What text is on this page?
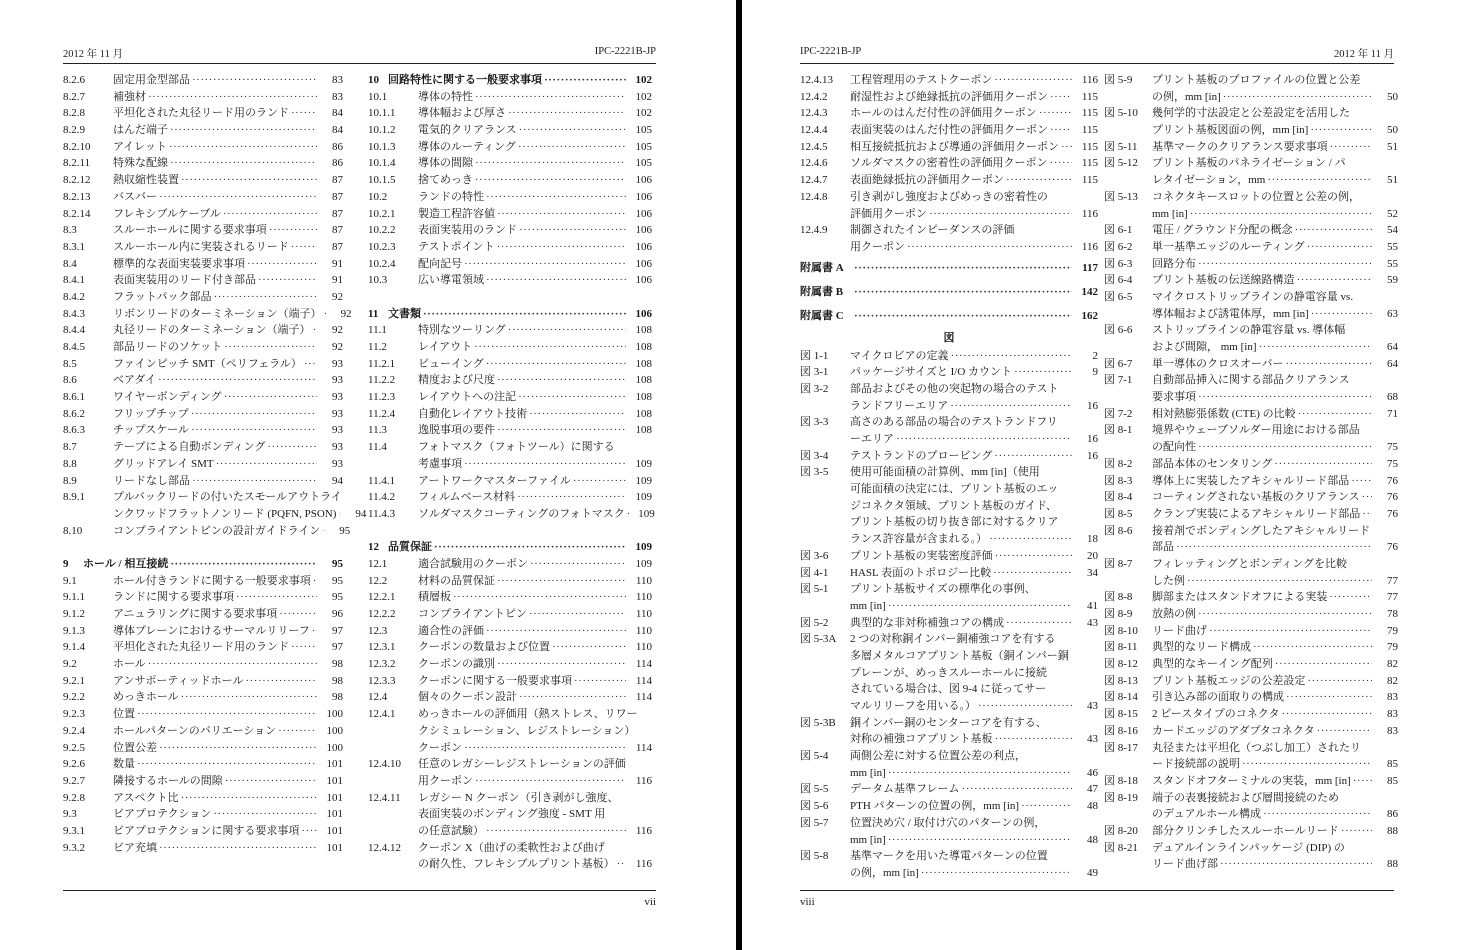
2012 年 11 月	IPC-2221B-JP
8.2.6	固定用金型部品 ·····	83
8.2.7	補強材 ·····	83
8.2.8	平坦化された丸径リード用のランド ·····	84
8.2.9	はんだ端子 ·····	84
8.2.10 アイレット ·····	86
8.2.11 特殊な配線 ·····	86
8.2.12 熱収縮性装置 ·····	87
8.2.13 バスバー ·····	87
8.2.14 フレキシブルケーブル ·····	87
8.3	スルーホールに関する要求事項 ·····	87
8.3.1	スルーホール内に実装されるリード ·····	87
8.4	標準的な表面実装要求事項 ·····	91
8.4.1	表面実装用のリード付き部品 ·····	91
8.4.2	フラットパック部品 ·····	92
8.4.3	リボンリードのターミネーション（端子） ·····	92
8.4.4	丸径リードのターミネーション（端子） ·····	92
8.4.5	部品リードのソケット ·····	92
8.5	ファインピッチ SMT（ペリフェラル） ·····	93
8.6	ベアダイ ·····	93
8.6.1	ワイヤーボンディング ·····	93
8.6.2	フリップチップ ·····	93
8.6.3	チップスケール ·····	93
8.7	テープによる自動ボンディング ·····	93
8.8	グリッドアレイ SMT ·····	93
8.9	リードなし部品 ·····	94
8.9.1	プルバックリードの付いたスモールアウトライ
ンクワッドフラットノンリード (PQFN, PSON) ·····	94
8.10	コンプライアントピンの設計ガイドライン ·····	95
9 ホール / 相互接続 ·····	95
9.1	ホール付きランドに関する一般要求事項 ·····	95
9.1.1	ランドに関する要求事項 ·····	95
9.1.2	アニュラリングに関する要求事項 ·····	96
9.1.3	導体プレーンにおけるサーマルリリーフ ·····	97
9.1.4	平坦化された丸径リード用のランド ·····	97
9.2	ホール ·····	98
9.2.1	アンサポーティッドホール ·····	98
9.2.2	めっきホール ·····	98
9.2.3	位置 ·····	100
9.2.4	ホールパターンのバリエーション ·····	100
9.2.5	位置公差 ·····	100
9.2.6	数量 ·····	101
9.2.7	隣接するホールの間隙 ·····	101
9.2.8	アスペクト比 ·····	101
9.3	ビアプロテクション ·····	101
9.3.1	ビアプロテクションに関する要求事項 ·····	101
9.3.2	ビア充填 ·····	101
10 回路特性に関する一般要求事項 ·····	102
10.1	導体の特性 ·····	102
10.1.1 導体幅および厚さ ·····	102
10.1.2 電気的クリアランス ·····	105
10.1.3 導体のルーティング ·····	105
10.1.4 導体の間隙 ·····	105
10.1.5 捨てめっき ·····	106
10.2	ランドの特性 ·····	106
10.2.1 製造工程許容値 ·····	106
10.2.2 表面実装用のランド ·····	106
10.2.3 テストポイント ·····	106
10.2.4 配向記号 ·····	106
10.3	広い導電領域 ·····	106
11 文書類 ·····	106
11.1	特別なツーリング ·····	108
11.2	レイアウト ·····	108
11.2.1 ビューイング ·····	108
11.2.2 精度および尺度 ·····	108
11.2.3 レイアウトへの注記 ·····	108
11.2.4 自動化レイアウト技術 ·····	108
11.3	逸脱事項の要件 ·····	108
11.4	フォトマスク（フォトツール）に関する
考慮事項 ·····	109
11.4.1 アートワークマスターファイル ·····	109
11.4.2 フィルムベース材料 ·····	109
11.4.3 ソルダマスクコーティングのフォトマスク ·····	109
12 品質保証 ·····	109
12.1	適合試験用のクーポン ·····	109
12.2	材料の品質保証 ·····	110
12.2.1 積層板 ·····	110
12.2.2 コンプライアントピン ·····	110
12.3	適合性の評価 ·····	110
12.3.1 クーポンの数量および位置 ·····	110
12.3.2 クーポンの識別 ·····	114
12.3.3 クーポンに関する一般要求事項 ·····	114
12.4	個々のクーポン設計 ·····	114
12.4.1 めっきホールの評価用（熱ストレス、リワー
クシミュレーション、レジストレーション）
クーポン ·····	114
12.4.10 任意のレガシーレジストレーションの評価
用クーポン ·····	116
12.4.11 レガシー N クーポン（引き剥がし強度、
表面実装のボンディング強度 - SMT 用
の任意試験） ·····	116
12.4.12 クーポン X（曲げの柔軟性および曲げ
の耐久性、フレキシブルプリント基板） ·····	116
vii
IPC-2221B-JP	2012 年 11 月
12.4.13 工程管理用のテストクーポン ·····	116
12.4.2 耐湿性および絶縁抵抗の評価用クーポン ·····	115
12.4.3 ホールのはんだ付性の評価用クーポン ·····	115
12.4.4 表面実装のはんだ付性の評価用クーポン ·····	115
12.4.5 相互接続抵抗および導通の評価用クーポン ·····	115
12.4.6 ソルダマスクの密着性の評価用クーポン ·····	115
12.4.7 表面絶縁抵抗の評価用クーポン ·····	115
12.4.8 引き剥がし強度およびめっきの密着性の
評価用クーポン ·····	116
12.4.9 制御されたインピーダンスの評価
用クーポン ·····	116
附属書 A ·····	117
附属書 B ·····	142
附属書 C ·····	162
図
図 1-1 マイクロビアの定義 ·····	2
図 3-1 パッケージサイズと I/O カウント ·····	9
図 3-2 部品およびその他の突起物の場合のテスト
ランドフリーエリア ·····	16
図 3-3 高さのある部品の場合のテストランドフリ
ーエリア ·····	16
図 3-4 テストランドのプロービング ·····	16
図 3-5 使用可能面積の計算例、mm [in]（使用
可能面積の決定には、プリント基板のエッ
ジコネクタ領域、プリント基板のガイド、
プリント基板の切り抜き部に対するクリア
ランス許容量が含まれる。） ·····	18
図 3-6 プリント基板の実装密度評価 ·····	20
図 4-1 HASL 表面のトポロジー比較 ·····	34
図 5-1 プリント基板サイズの標準化の事例、
mm [in] ·····	41
図 5-2 典型的な非対称補強コアの構成 ·····	43
図 5-3A 2 つの対称銅インバー銅補強コアを有する
多層メタルコアプリント基板（銅インバー銅
プレーンが、めっきスルーホールに接続
されている場合は、図 9-4 に従ってサー
マルリリーフを用いる。） ·····	43
図 5-3B 銅インバー銅のセンターコアを有する、
対称の補強コアプリント基板 ·····	43
図 5-4 両側公差に対する位置公差の利点，
mm [in] ·····	46
図 5-5 データム基準フレーム ·····	47
図 5-6 PTH パターンの位置の例，mm [in] ·····	48
図 5-7 位置決め穴 / 取付け穴のパターンの例，
mm [in] ·····	48
図 5-8 基準マークを用いた導電パターンの位置
の例，mm [in] ·····	49
図 5-9 プリント基板のプロファイルの位置と公差
の例，mm [in] ·····	50
図 5-10 幾何学的寸法設定と公差設定を活用した
プリント基板図面の例，mm [in] ·····	50
図 5-11 基準マークのクリアランス要求事項 ·····	51
図 5-12 プリント基板のパネライゼーション / パ
レタイゼーション，mm ·····	51
図 5-13 コネクタキースロットの位置と公差の例，
mm [in] ·····	52
図 6-1 電圧 / グラウンド分配の概念 ·····	54
図 6-2 単一基準エッジのルーティング ·····	55
図 6-3 回路分布 ·····	55
図 6-4 プリント基板の伝送線路構造 ·····	59
図 6-5 マイクロストリップラインの静電容量 vs.
導体幅および誘電体厚，mm [in] ·····	63
図 6-6 ストリップラインの静電容量 vs. 導体幅
および間隙， mm [in] ·····	64
図 6-7 単一導体のクロスオーバー ·····	64
図 7-1 自動部品挿入に関する部品クリアランス
要求事項 ·····	68
図 7-2 相対熱膨張係数 (CTE) の比較 ·····	71
図 8-1 境界やウェーブソルダー用途における部品
の配向性 ·····	75
図 8-2 部品本体のセンタリング ·····	75
図 8-3 導体上に実装したアキシャルリード部品 ·····	76
図 8-4 コーティングされない基板のクリアランス ·····	76
図 8-5 クランプ実装によるアキシャルリード部品 ·····	76
図 8-6 接着剤でボンディングしたアキシャルリード
部品 ·····	76
図 8-7 フィレッティングとボンディングを比較
した例 ·····	77
図 8-8 脚部またはスタンドオフによる実装 ·····	77
図 8-9 放熱の例 ·····	78
図 8-10 リード曲げ ·····	79
図 8-11 典型的なリード構成 ·····	79
図 8-12 典型的なキーイング配列 ·····	82
図 8-13 プリント基板エッジの公差設定 ·····	82
図 8-14 引き込み部の面取りの構成 ·····	83
図 8-15 2 ピースタイプのコネクタ ·····	83
図 8-16 カードエッジのアダプタコネクタ ·····	83
図 8-17 丸径または平坦化（つぶし加工）されたリ
ード接続部の説明 ·····	85
図 8-18 スタンドオフターミナルの実装，mm [in] ·····	85
図 8-19 端子の表裏接続および層間接続のため
のデュアルホール構成 ·····	86
図 8-20 部分クリンチしたスルーホールリード ·····	88
図 8-21 デュアルインラインパッケージ (DIP) の
リード曲げ部 ·····	88
viii
